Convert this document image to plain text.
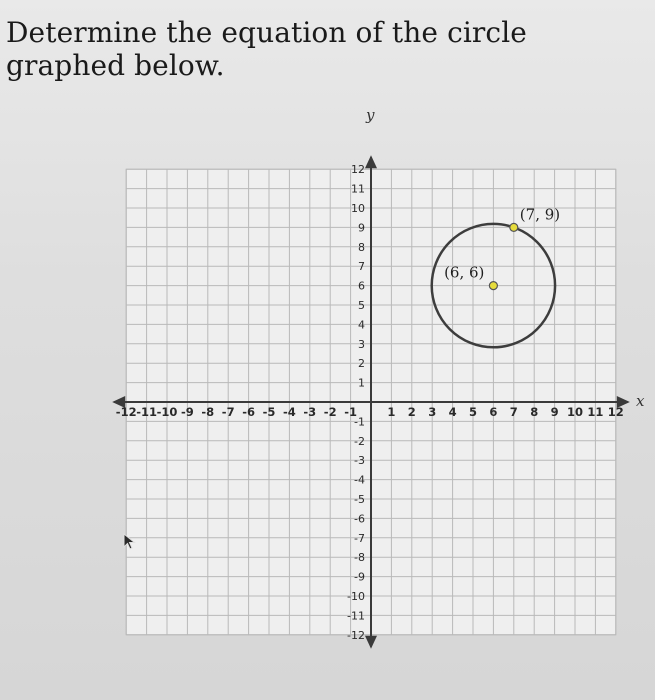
Determine the equation of the circle graphed below.
-12 -11 -10 -9 -8 -7 -6 -5 -4 -3 -2 -1	1 2 3 4 5 6 7 8 9 10 11 12
12
11
10
9
8
7
6
5
4
3
2
1
-1
-2
-3
-4
-5
-6
-7
-8
-9
-10
-11
-12
(6, 6)
(7, 9)
x
y
